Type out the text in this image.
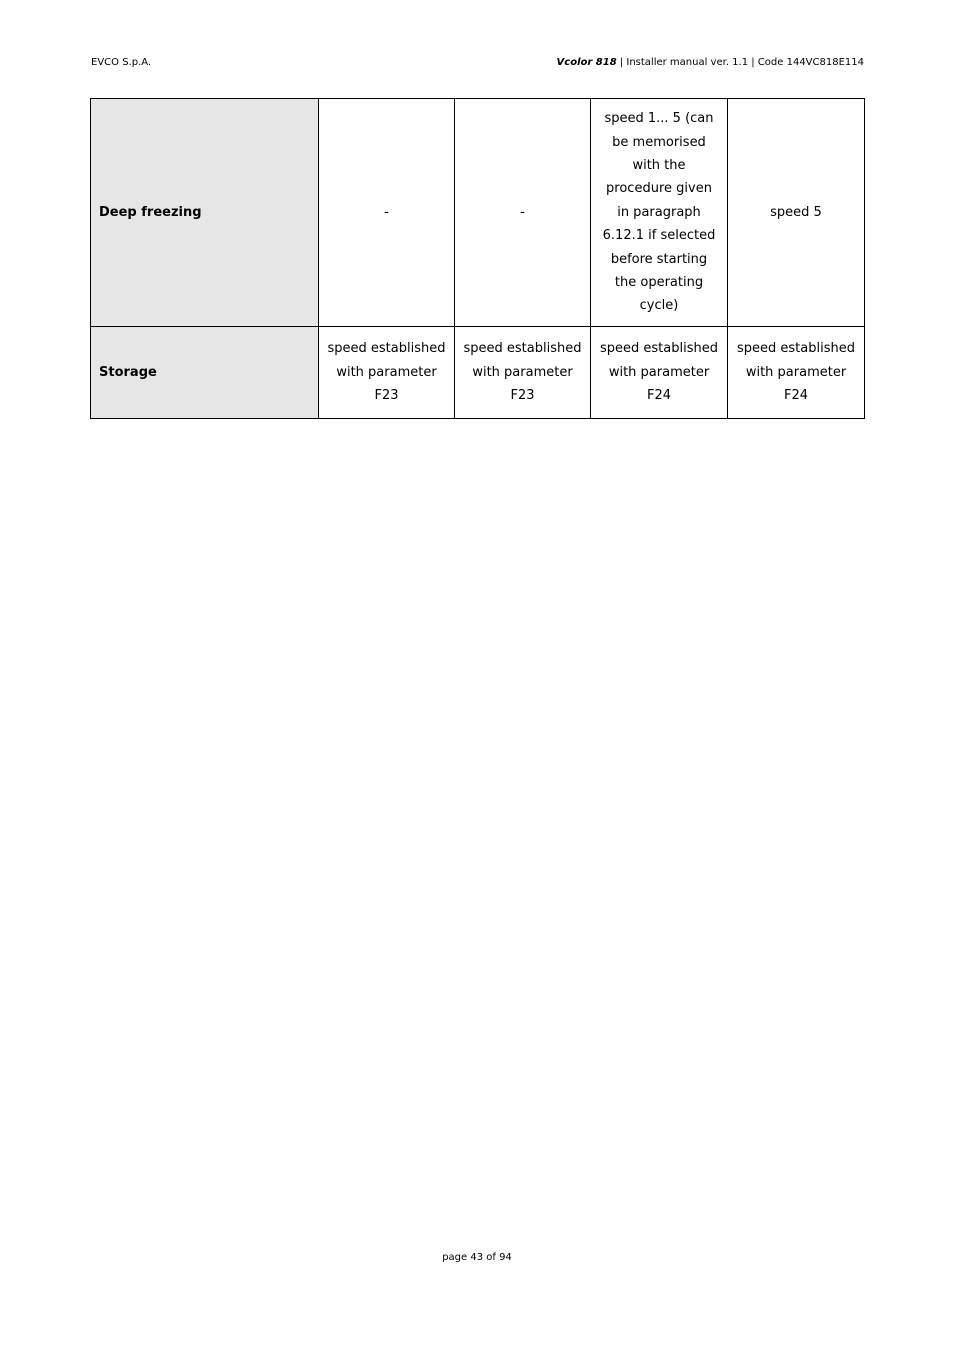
EVCO S.p.A.	Vcolor 818 | Installer manual ver. 1.1 | Code 144VC818E114
Deep freezing	-	-	speed 1... 5 (can be memorised with the procedure given in paragraph 6.12.1 if selected before starting the operating cycle)	speed 5
Storage	speed established with parameter F23	speed established with parameter F23	speed established with parameter F24	speed established with parameter F24
page 43 of 94
